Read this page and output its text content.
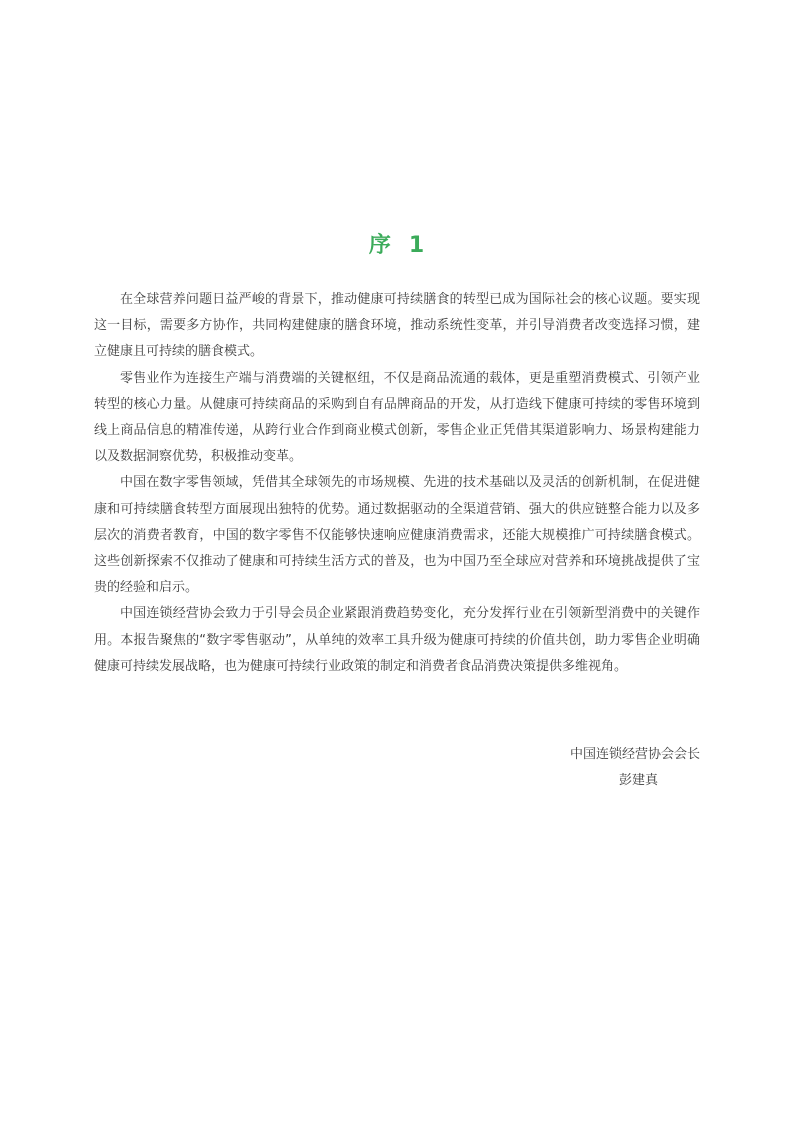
序 1

在全球营养问题日益严峻的背景下，推动健康可持续膳食的转型已成为国际社会的核心议题。要实现这一目标，需要多方协作，共同构建健康的膳食环境，推动系统性变革，并引导消费者改变选择习惯，建立健康且可持续的膳食模式。

零售业作为连接生产端与消费端的关键枢纽，不仅是商品流通的载体，更是重塑消费模式、引领产业转型的核心力量。从健康可持续商品的采购到自有品牌商品的开发，从打造线下健康可持续的零售环境到线上商品信息的精准传递，从跨行业合作到商业模式创新，零售企业正凭借其渠道影响力、场景构建能力以及数据洞察优势，积极推动变革。

中国在数字零售领域，凭借其全球领先的市场规模、先进的技术基础以及灵活的创新机制，在促进健康和可持续膳食转型方面展现出独特的优势。通过数据驱动的全渠道营销、强大的供应链整合能力以及多层次的消费者教育，中国的数字零售不仅能够快速响应健康消费需求，还能大规模推广可持续膳食模式。这些创新探索不仅推动了健康和可持续生活方式的普及，也为中国乃至全球应对营养和环境挑战提供了宝贵的经验和启示。

中国连锁经营协会致力于引导会员企业紧跟消费趋势变化，充分发挥行业在引领新型消费中的关键作用。本报告聚焦的“数字零售驱动”，从单纯的效率工具升级为健康可持续的价值共创，助力零售企业明确健康可持续发展战略，也为健康可持续行业政策的制定和消费者食品消费决策提供多维视角。

中国连锁经营协会会长
彭建真
